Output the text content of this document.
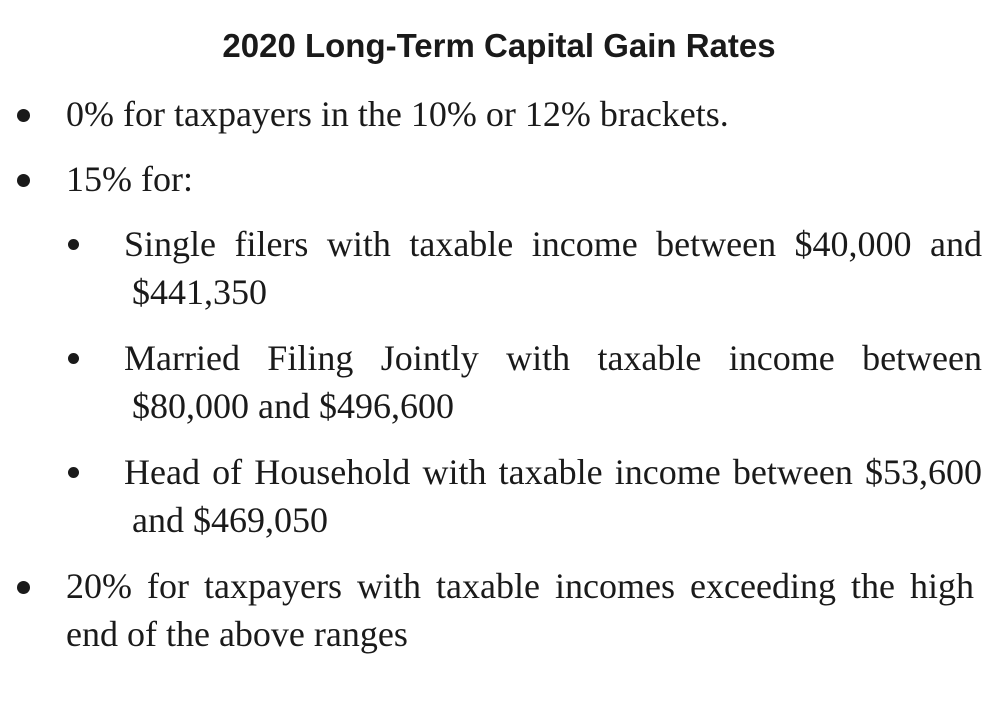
2020 Long-Term Capital Gain Rates
0% for taxpayers in the 10% or 12% brackets.
15% for:
Single filers with taxable income between $40,000 and $441,350
Married Filing Jointly with taxable income between $80,000 and $496,600
Head of Household with taxable income between $53,600 and $469,050
20% for taxpayers with taxable incomes exceeding the high end of the above ranges
